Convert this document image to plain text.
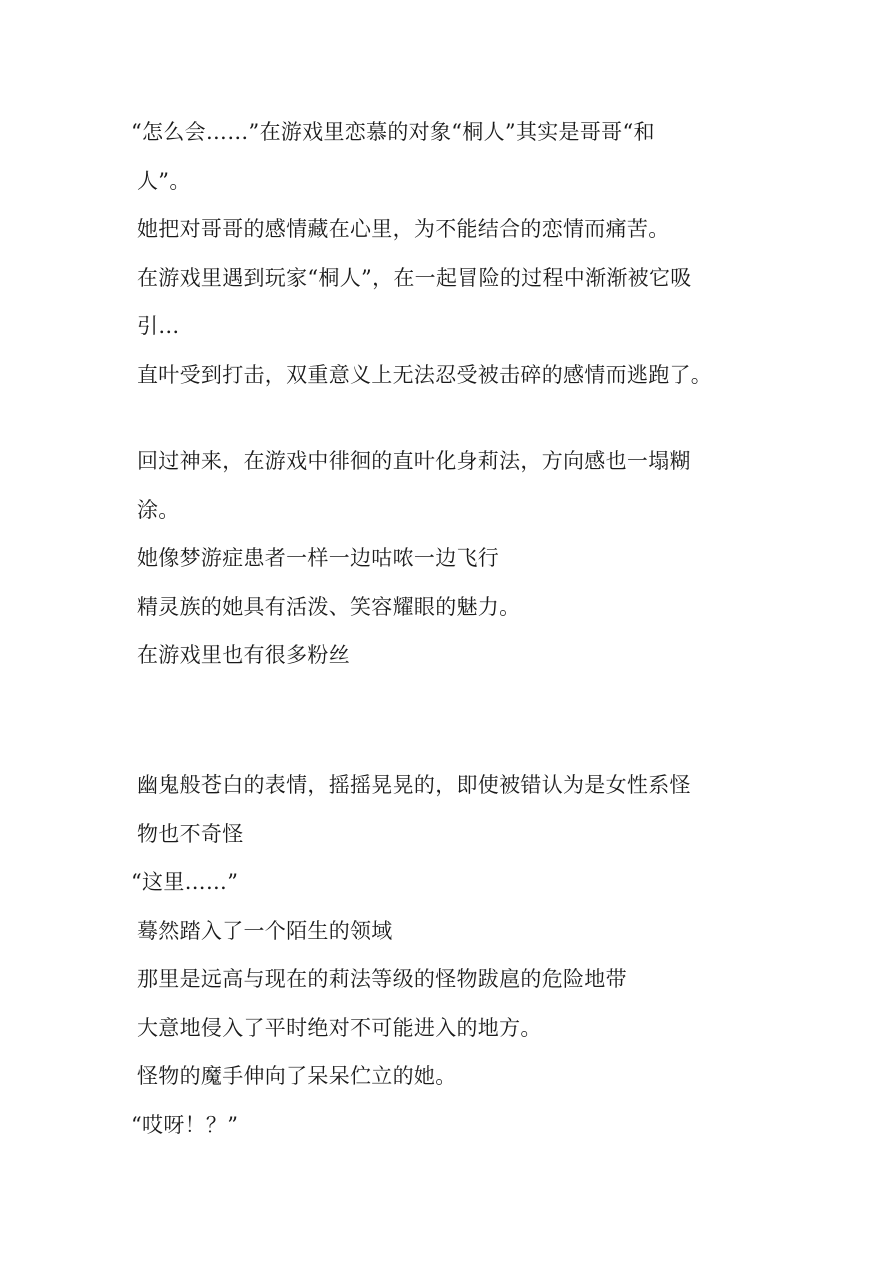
“怎么会……”在游戏里恋慕的对象“桐人”其实是哥哥“和
人”。
她把对哥哥的感情藏在心里，为不能结合的恋情而痛苦。
在游戏里遇到玩家“桐人”，在一起冒险的过程中渐渐被它吸
引…
直叶受到打击，双重意义上无法忍受被击碎的感情而逃跑了。
回过神来，在游戏中徘徊的直叶化身莉法，方向感也一塌糊
涂。
她像梦游症患者一样一边咕哝一边飞行
精灵族的她具有活泼、笑容耀眼的魅力。
在游戏里也有很多粉丝
幽鬼般苍白的表情，摇摇晃晃的，即使被错认为是女性系怪
物也不奇怪
“这里……”
蓦然踏入了一个陌生的领域
那里是远高与现在的莉法等级的怪物跋扈的危险地带
大意地侵入了平时绝对不可能进入的地方。
怪物的魔手伸向了呆呆伫立的她。
“哎呀！？”
